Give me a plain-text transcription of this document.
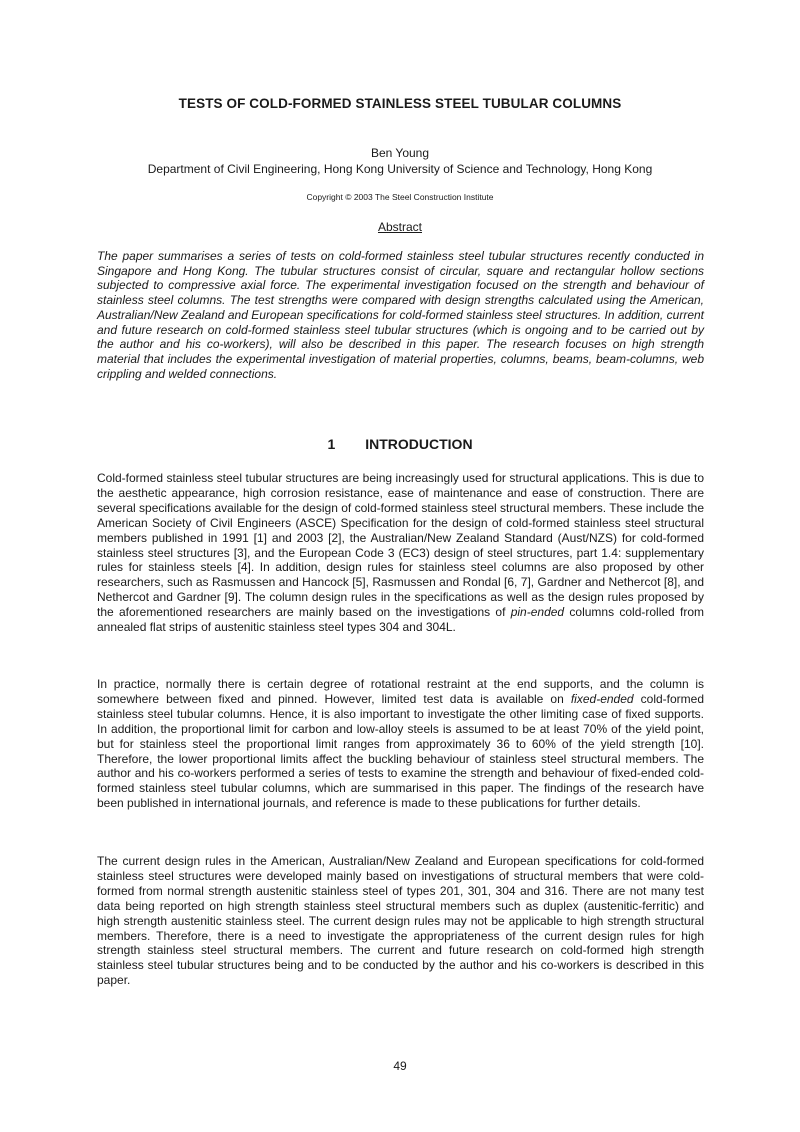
TESTS OF COLD-FORMED STAINLESS STEEL TUBULAR COLUMNS

Ben Young

Department of Civil Engineering, Hong Kong University of Science and Technology, Hong Kong

Copyright © 2003 The Steel Construction Institute

Abstract

The paper summarises a series of tests on cold-formed stainless steel tubular structures recently conducted in Singapore and Hong Kong. The tubular structures consist of circular, square and rectangular hollow sections subjected to compressive axial force. The experimental investigation focused on the strength and behaviour of stainless steel columns. The test strengths were compared with design strengths calculated using the American, Australian/New Zealand and European specifications for cold-formed stainless steel structures. In addition, current and future research on cold-formed stainless steel tubular structures (which is ongoing and to be carried out by the author and his co-workers), will also be described in this paper. The research focuses on high strength material that includes the experimental investigation of material properties, columns, beams, beam-columns, web crippling and welded connections.

1 INTRODUCTION

Cold-formed stainless steel tubular structures are being increasingly used for structural applications. This is due to the aesthetic appearance, high corrosion resistance, ease of maintenance and ease of construction. There are several specifications available for the design of cold-formed stainless steel structural members. These include the American Society of Civil Engineers (ASCE) Specification for the design of cold-formed stainless steel structural members published in 1991 [1] and 2003 [2], the Australian/New Zealand Standard (Aust/NZS) for cold-formed stainless steel structures [3], and the European Code 3 (EC3) design of steel structures, part 1.4: supplementary rules for stainless steels [4]. In addition, design rules for stainless steel columns are also proposed by other researchers, such as Rasmussen and Hancock [5], Rasmussen and Rondal [6, 7], Gardner and Nethercot [8], and Nethercot and Gardner [9]. The column design rules in the specifications as well as the design rules proposed by the aforementioned researchers are mainly based on the investigations of pin-ended columns cold-rolled from annealed flat strips of austenitic stainless steel types 304 and 304L.

In practice, normally there is certain degree of rotational restraint at the end supports, and the column is somewhere between fixed and pinned. However, limited test data is available on fixed-ended cold-formed stainless steel tubular columns. Hence, it is also important to investigate the other limiting case of fixed supports. In addition, the proportional limit for carbon and low-alloy steels is assumed to be at least 70% of the yield point, but for stainless steel the proportional limit ranges from approximately 36 to 60% of the yield strength [10]. Therefore, the lower proportional limits affect the buckling behaviour of stainless steel structural members. The author and his co-workers performed a series of tests to examine the strength and behaviour of fixed-ended cold-formed stainless steel tubular columns, which are summarised in this paper. The findings of the research have been published in international journals, and reference is made to these publications for further details.

The current design rules in the American, Australian/New Zealand and European specifications for cold-formed stainless steel structures were developed mainly based on investigations of structural members that were cold-formed from normal strength austenitic stainless steel of types 201, 301, 304 and 316. There are not many test data being reported on high strength stainless steel structural members such as duplex (austenitic-ferritic) and high strength austenitic stainless steel. The current design rules may not be applicable to high strength structural members. Therefore, there is a need to investigate the appropriateness of the current design rules for high strength stainless steel structural members. The current and future research on cold-formed high strength stainless steel tubular structures being and to be conducted by the author and his co-workers is described in this paper.

49
